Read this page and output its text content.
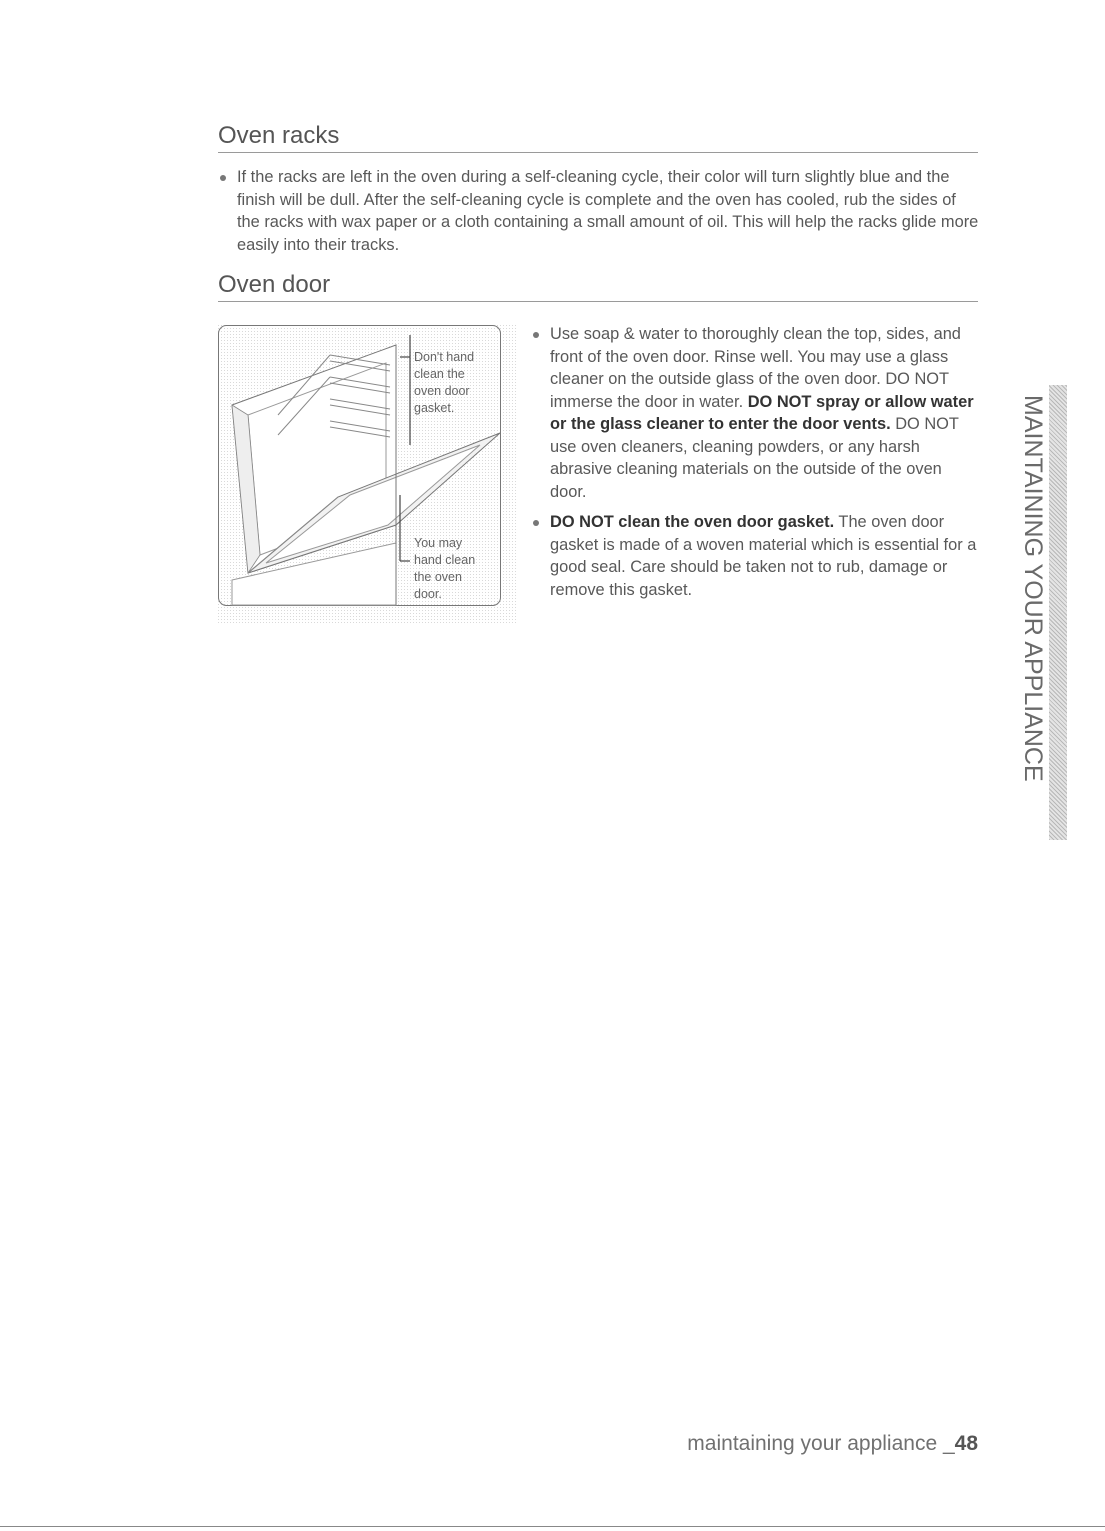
Oven racks
If the racks are left in the oven during a self-cleaning cycle, their color will turn slightly blue and the finish will be dull. After the self-cleaning cycle is complete and the oven has cooled, rub the sides of the racks with wax paper or a cloth containing a small amount of oil. This will help the racks glide more easily into their tracks.
Oven door
Don't hand
clean the
oven door
gasket.
You may
hand clean
the oven
door.
Use soap & water to thoroughly clean the top, sides, and front of the oven door. Rinse well. You may use a glass cleaner on the outside glass of the oven door. DO NOT immerse the door in water. DO NOT spray or allow water or the glass cleaner to enter the door vents. DO NOT use oven cleaners, cleaning powders, or any harsh abrasive cleaning materials on the outside of the oven door.
DO NOT clean the oven door gasket. The oven door gasket is made of a woven material which is essential for a good seal. Care should be taken not to rub, damage or remove this gasket.	MAINTAINING YOUR APPLIANCE
maintaining your appliance _48
